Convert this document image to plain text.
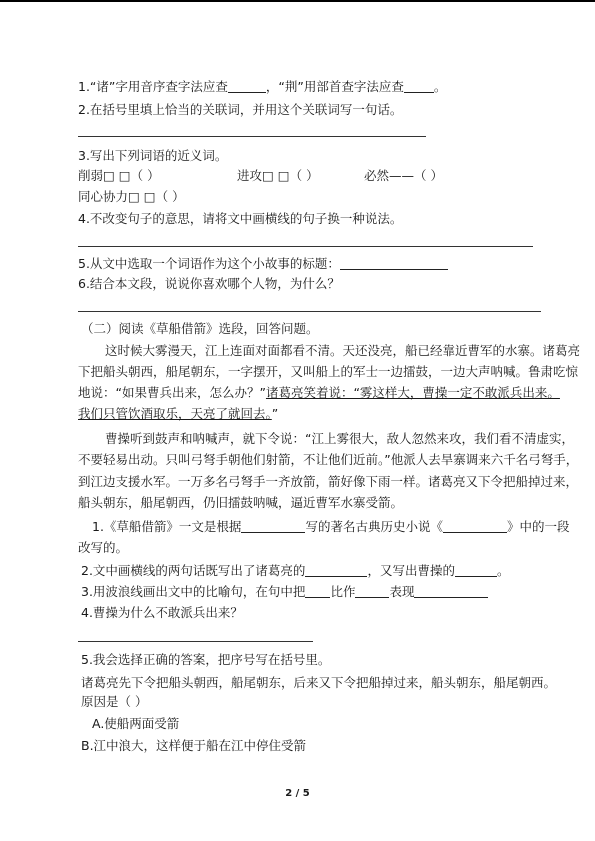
1.“诸”字用音序查字法应查	，“荆”用部首查字法应查 。
2.在括号里填上恰当的关联词，并用这个关联词写一句话。
3.写出下列词语的近义词。
削弱□ □（ ）	进攻□ □（ ）	必然——（ ）
同心协力□ □（ ）
4.不改变句子的意思，请将文中画横线的句子换一种说法。
5.从文中选取一个词语作为这个小故事的标题：
6.结合本文段，说说你喜欢哪个人物，为什么？
（二）阅读《草船借箭》选段，回答问题。
这时候大雾漫天，江上连面对面都看不清。天还没亮，船已经靠近曹军的水寨。诸葛亮
下把船头朝西，船尾朝东，一字摆开，又叫船上的军士一边擂鼓，一边大声呐喊。鲁肃吃惊
地说：“如果曹兵出来，怎么办？”诸葛亮笑着说：“雾这样大，曹操一定不敢派兵出来。
我们只管饮酒取乐，天亮了就回去。”
曹操听到鼓声和呐喊声，就下令说：“江上雾很大，敌人忽然来攻，我们看不清虚实，
不要轻易出动。只叫弓弩手朝他们射箭，不让他们近前。”他派人去旱寨调来六千名弓弩手，
到江边支援水军。一万多名弓弩手一齐放箭，箭好像下雨一样。诸葛亮又下令把船掉过来，
船头朝东，船尾朝西，仍旧擂鼓呐喊，逼近曹军水寨受箭。
1.《草船借箭》一文是根据	写的著名古典历史小说《	》中的一段
改写的。
2.文中画横线的两句话既写出了诸葛亮的	，又写出曹操的	。
3.用波浪线画出文中的比喻句，在句中把 比作	表现
4.曹操为什么不敢派兵出来？
5.我会选择正确的答案，把序号写在括号里。
诸葛亮先下令把船头朝西，船尾朝东，后来又下令把船掉过来，船头朝东，船尾朝西。
原因是（ ）
A.使船两面受箭
B.江中浪大，这样便于船在江中停住受箭
2 / 5
